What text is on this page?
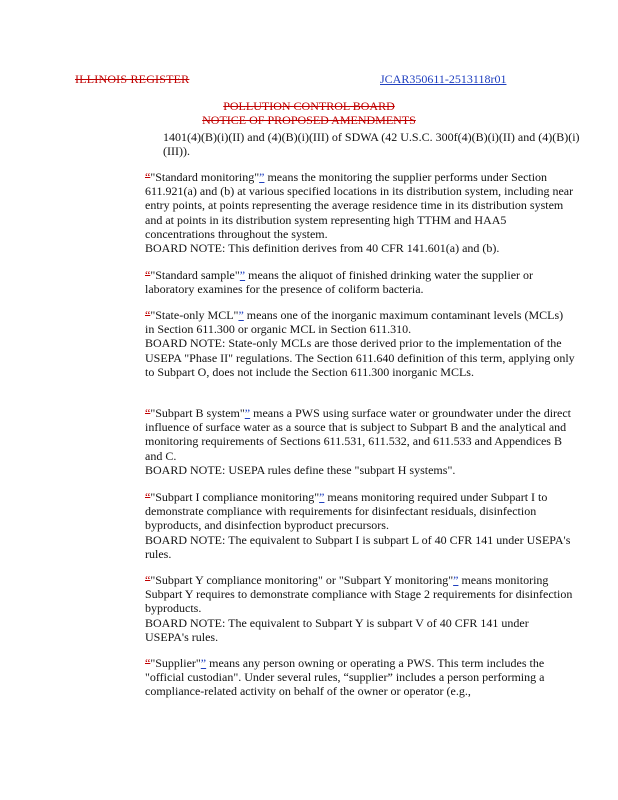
ILLINOIS REGISTER	JCAR350611-2513118r01
POLLUTION CONTROL BOARD
NOTICE OF PROPOSED AMENDMENTS
1401(4)(B)(i)(II) and (4)(B)(i)(III) of SDWA (42 U.S.C. 300f(4)(B)(i)(II) and (4)(B)(i)(III)).
“"Standard monitoring"” means the monitoring the supplier performs under Section 611.921(a) and (b) at various specified locations in its distribution system, including near entry points, at points representing the average residence time in its distribution system and at points in its distribution system representing high TTHM and HAA5 concentrations throughout the system.
BOARD NOTE: This definition derives from 40 CFR 141.601(a) and (b).
“"Standard sample"” means the aliquot of finished drinking water the supplier or laboratory examines for the presence of coliform bacteria.
“"State-only MCL"” means one of the inorganic maximum contaminant levels (MCLs) in Section 611.300 or organic MCL in Section 611.310.
BOARD NOTE: State-only MCLs are those derived prior to the implementation of the USEPA "Phase II" regulations. The Section 611.640 definition of this term, applying only to Subpart O, does not include the Section 611.300 inorganic MCLs.
“"Subpart B system"” means a PWS using surface water or groundwater under the direct influence of surface water as a source that is subject to Subpart B and the analytical and monitoring requirements of Sections 611.531, 611.532, and 611.533 and Appendices B and C.
BOARD NOTE: USEPA rules define these "subpart H systems".
“"Subpart I compliance monitoring"” means monitoring required under Subpart I to demonstrate compliance with requirements for disinfectant residuals, disinfection byproducts, and disinfection byproduct precursors.
BOARD NOTE: The equivalent to Subpart I is subpart L of 40 CFR 141 under USEPA's rules.
“"Subpart Y compliance monitoring" or "Subpart Y monitoring"” means monitoring Subpart Y requires to demonstrate compliance with Stage 2 requirements for disinfection byproducts.
BOARD NOTE: The equivalent to Subpart Y is subpart V of 40 CFR 141 under USEPA's rules.
“"Supplier"” means any person owning or operating a PWS. This term includes the "official custodian". Under several rules, “supplier” includes a person performing a compliance-related activity on behalf of the owner or operator (e.g.,
